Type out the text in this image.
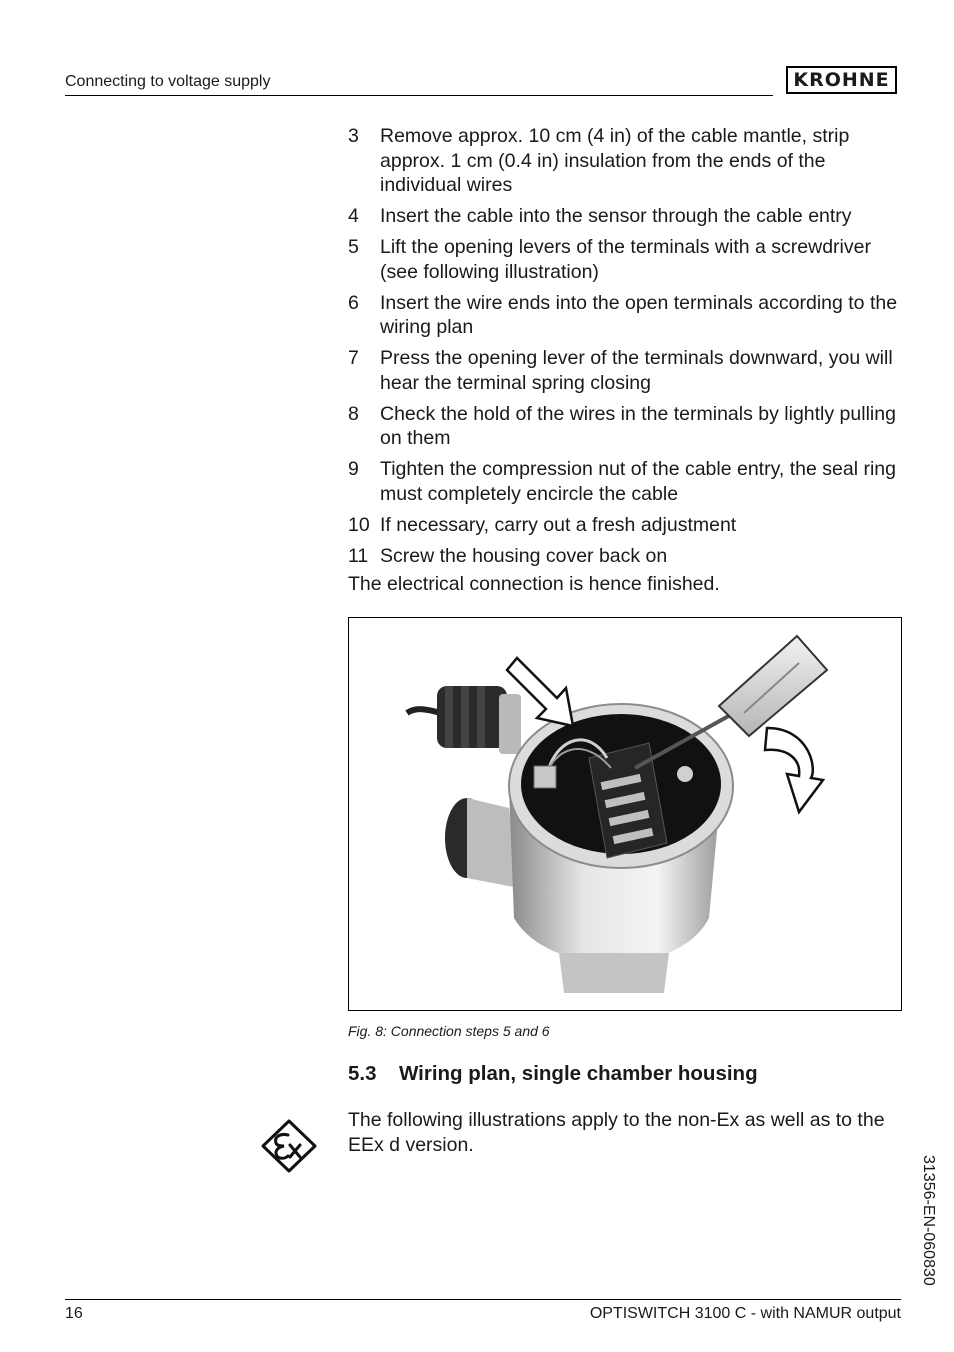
Connecting to voltage supply	KROHNE
3	Remove approx. 10 cm (4 in) of the cable mantle, strip approx. 1 cm (0.4 in) insulation from the ends of the individual wires
4	Insert the cable into the sensor through the cable entry
5	Lift the opening levers of the terminals with a screwdriver (see following illustration)
6	Insert the wire ends into the open terminals according to the wiring plan
7	Press the opening lever of the terminals downward, you will hear the terminal spring closing
8	Check the hold of the wires in the terminals by lightly pulling on them
9	Tighten the compression nut of the cable entry, the seal ring must completely encircle the cable
10 If necessary, carry out a fresh adjustment
11 Screw the housing cover back on

The electrical connection is hence finished.

Fig. 8: Connection steps 5 and 6
5.3	Wiring plan, single chamber housing

The following illustrations apply to the non-Ex as well as to the EEx d version.

31356-EN-060830
16	OPTISWITCH 3100 C - with NAMUR output
